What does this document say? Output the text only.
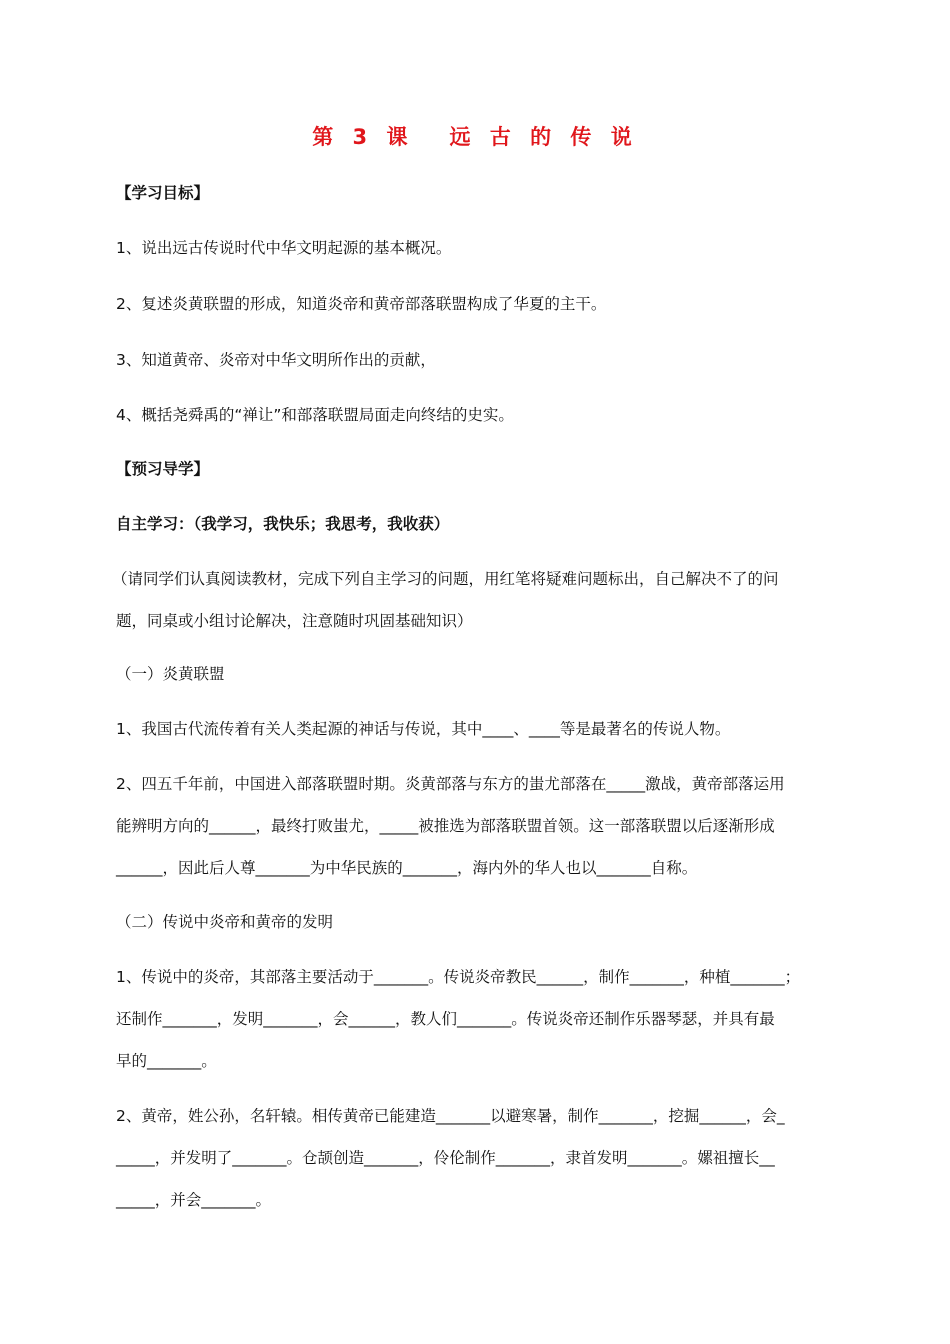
第 3 课 远 古 的 传 说
【学习目标】
1、说出远古传说时代中华文明起源的基本概况。
2、复述炎黄联盟的形成，知道炎帝和黄帝部落联盟构成了华夏的主干。
3、知道黄帝、炎帝对中华文明所作出的贡献，
4、概括尧舜禹的“禅让”和部落联盟局面走向终结的史实。
【预习导学】
自主学习：（我学习，我快乐；我思考，我收获）
（请同学们认真阅读教材，完成下列自主学习的问题，用红笔将疑难问题标出，自己解决不了的问
题，同桌或小组讨论解决，注意随时巩固基础知识）
（一）炎黄联盟
1、我国古代流传着有关人类起源的神话与传说，其中____、____等是最著名的传说人物。
2、四五千年前，中国进入部落联盟时期。炎黄部落与东方的蚩尤部落在_____激战，黄帝部落运用
能辨明方向的______，最终打败蚩尤，_____被推选为部落联盟首领。这一部落联盟以后逐渐形成
______，因此后人尊_______为中华民族的_______，海内外的华人也以_______自称。
（二）传说中炎帝和黄帝的发明
1、传说中的炎帝，其部落主要活动于_______。传说炎帝教民______，制作_______，种植_______；
还制作_______，发明_______，会______，教人们_______。传说炎帝还制作乐器琴瑟，并具有最
早的_______。
2、黄帝，姓公孙，名轩辕。相传黄帝已能建造_______以避寒暑，制作_______，挖掘______，会_
_____，并发明了_______。仓颉创造_______，伶伦制作_______，隶首发明_______。嫘祖擅长__
_____，并会_______。
